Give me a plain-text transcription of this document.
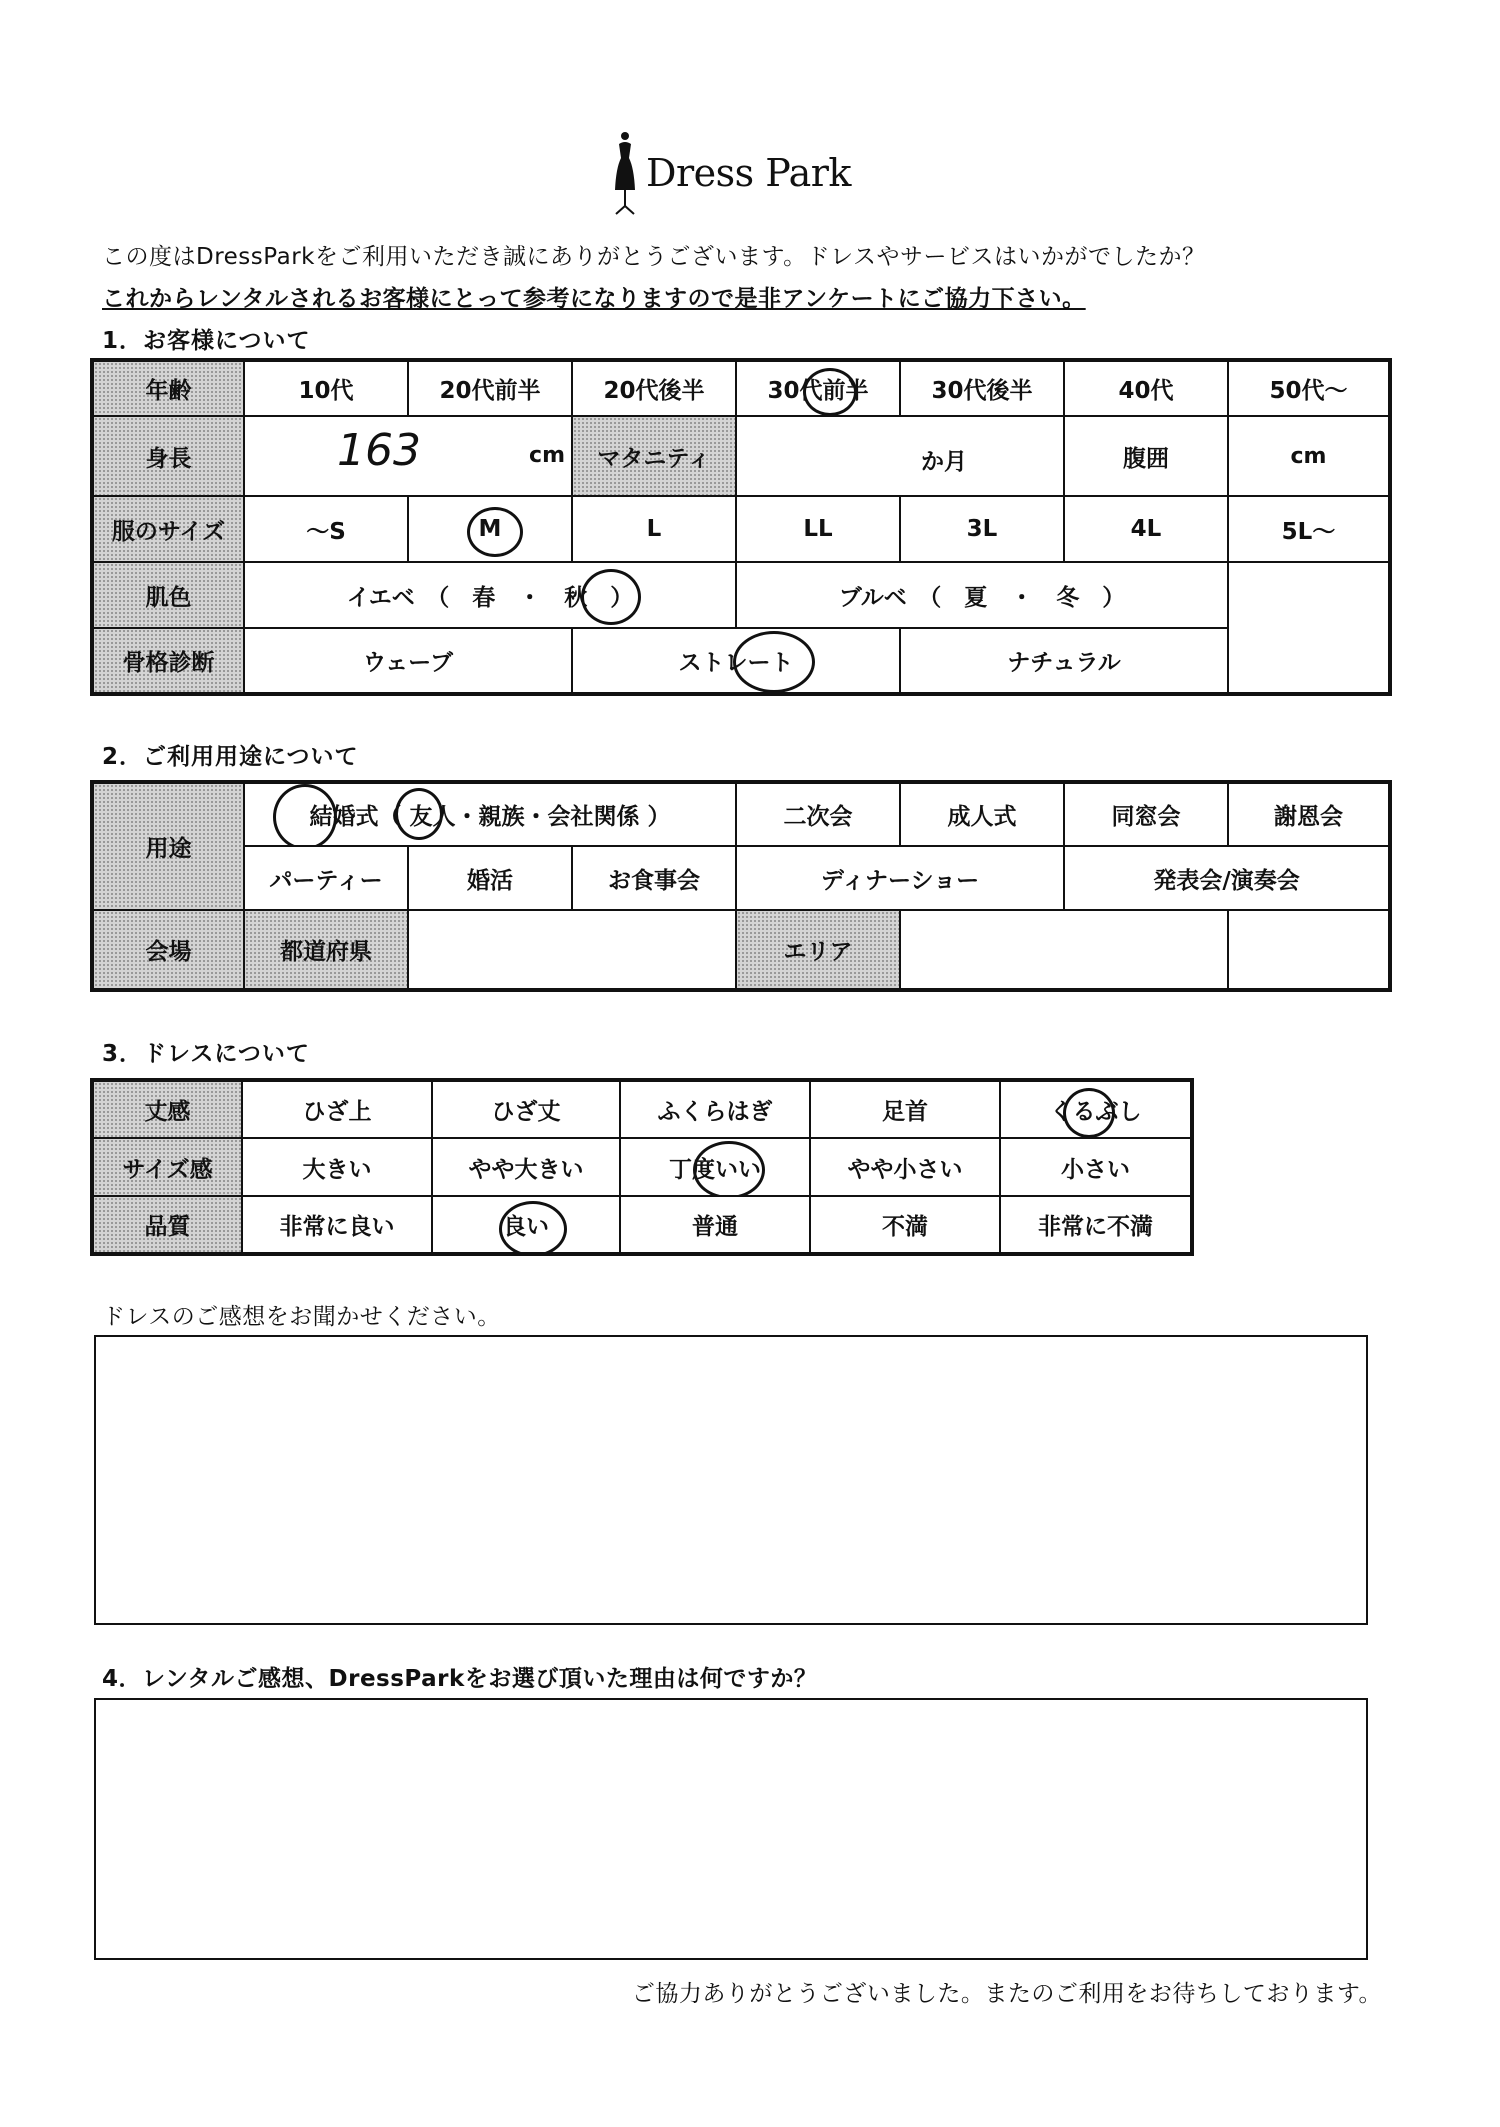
Dress Park
この度はDressParkをご利用いただき誠にありがとうございます。ドレスやサービスはいかがでしたか？
これからレンタルされるお客様にとって参考になりますので是非アンケートにご協力下さい。
1．お客様について
年齢	10代	20代前半	20代後半	30代前半	30代後半	40代	50代～
身長	163 cm		マタニティ	か月		腹囲	cm
服のサイズ	～S	M	L	LL	3L	4L	5L～
肌色	イエベ　（　春　・　秋　）			ブルベ　（　夏　・　冬　）			
骨格診断	ウェーブ		ストレート		ナチュラル		
2．ご利用用途について
用途	結婚式（ 友人・親族・会社関係 ）			二次会	成人式	同窓会	謝恩会
	パーティー	婚活	お食事会	ディナーショー		発表会/演奏会	
会場	都道府県			エリア			
3．ドレスについて
丈感	ひざ上	ひざ丈	ふくらはぎ	足首	くるぶし

サイズ感	大きい	やや大きい	丁度いい	やや小さい	小さい
品質	非常に良い	良い	普通	不満	非常に不満
ドレスのご感想をお聞かせください。
4．レンタルご感想、DressParkをお選び頂いた理由は何ですか？
ご協力ありがとうございました。またのご利用をお待ちしております。
